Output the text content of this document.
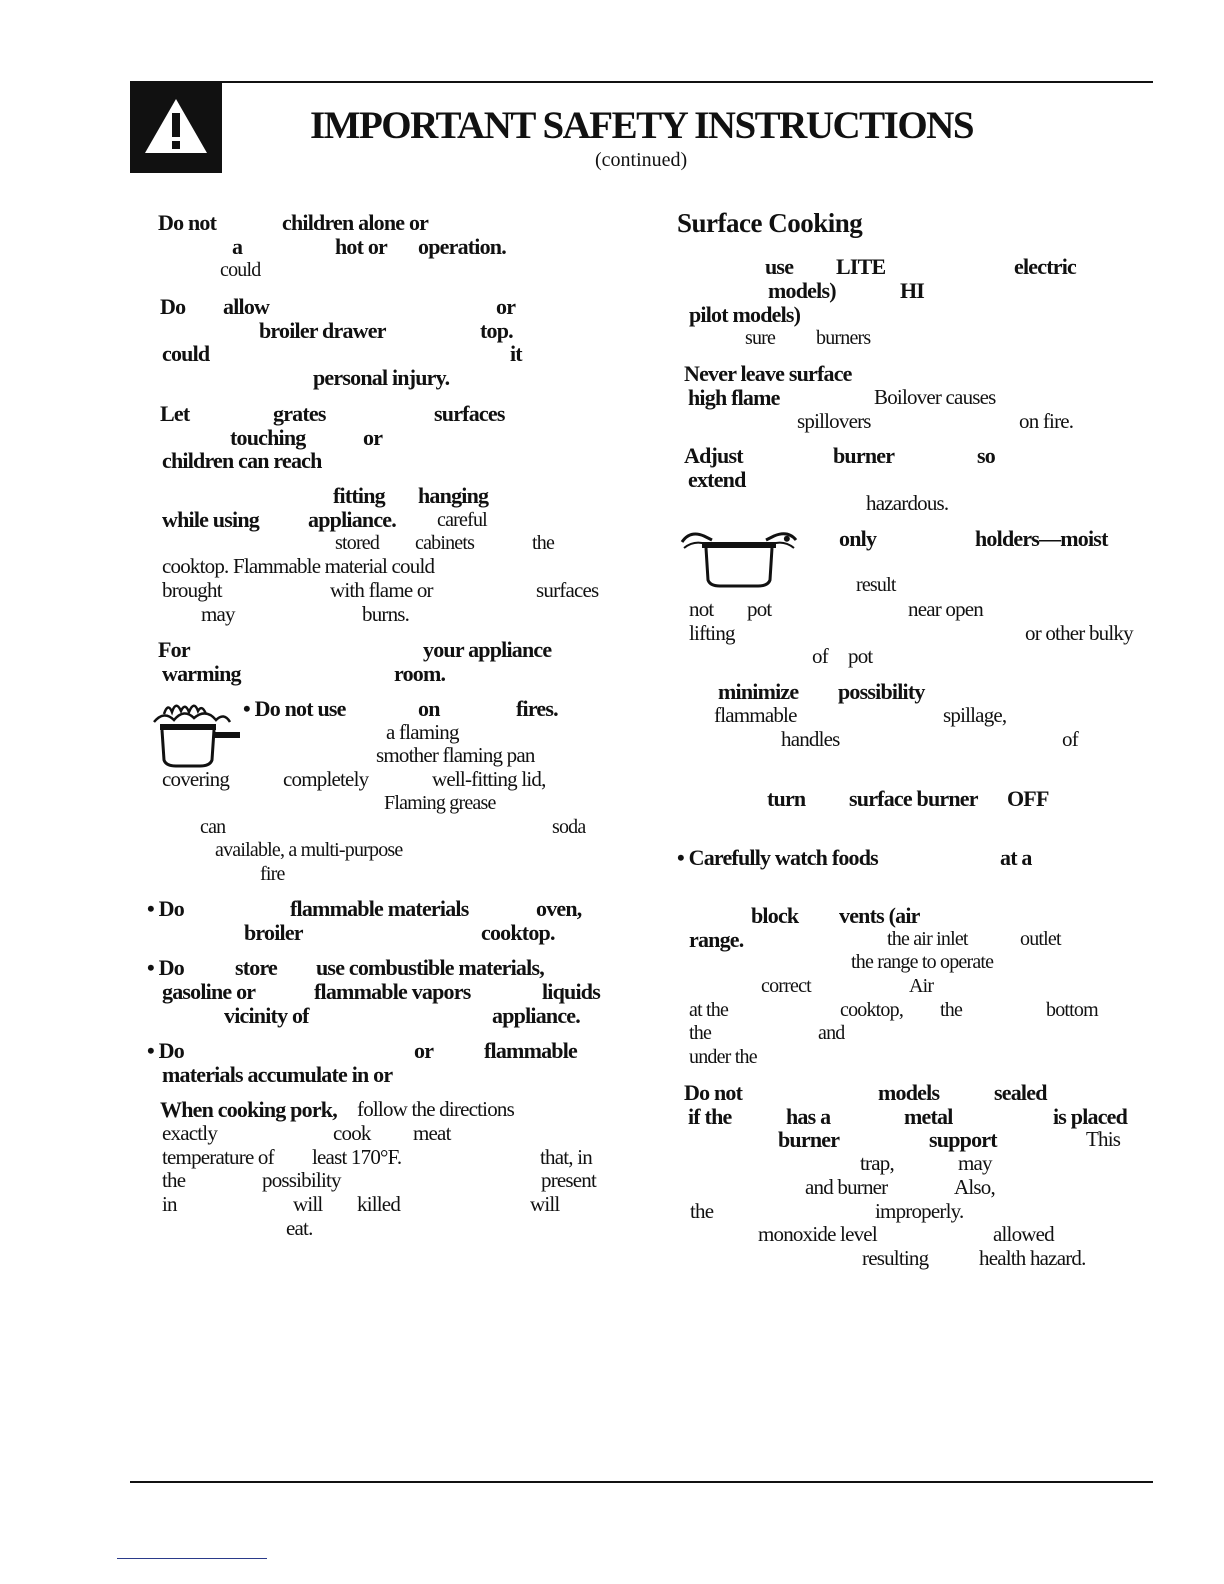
IMPORTANT SAFETY INSTRUCTIONS
(continued)
Surface Cooking
Do not	children alone or
a	hot or operation.
could
Do allow	or
broiler drawer	top.
could	it
personal injury.
Let	grates	surfaces
touching	or
children can reach
fitting hanging
while using appliance. careful
stored cabinets	the
cooktop. Flammable material could
brought	with flame or	surfaces
may	burns.
For	your appliance
warming	room.
• Do not use	on	fires.
a flaming
smother flaming pan
covering	completely	well-fitting lid,
Flaming grease
can	soda
available, a multi-purpose
fire
• Do	flammable materials	oven,
broiler	cooktop.
• Do store use combustible materials,
gasoline or	flammable vapors	liquids
vicinity of	appliance.
• Do	or flammable
materials accumulate in or
When cooking pork, follow the directions
exactly	cook meat
temperature of least 170°F.	that, in
the	possibility	present
in	will killed	will
eat.
use LITE	electric
models)	HI
pilot models)
sure burners
Never leave surface
high flame	Boilover causes
spillovers	on fire.
Adjust	burner	so
extend
hazardous.
• only	holders—moist
result
not pot	near open
lifting	or other bulky
of pot
minimize possibility
flammable	spillage,
handles	of
turn surface burner OFF
• Carefully watch foods	at a
block vents (air
range.	the air inlet	outlet
the range to operate
correct	Air
at the	cooktop, the	bottom
the	and
under the
Do not	models sealed
if the has a	metal	is placed
burner	support	This
trap,	may
and burner	Also,
the	improperly.
monoxide level	allowed
resulting health hazard.
